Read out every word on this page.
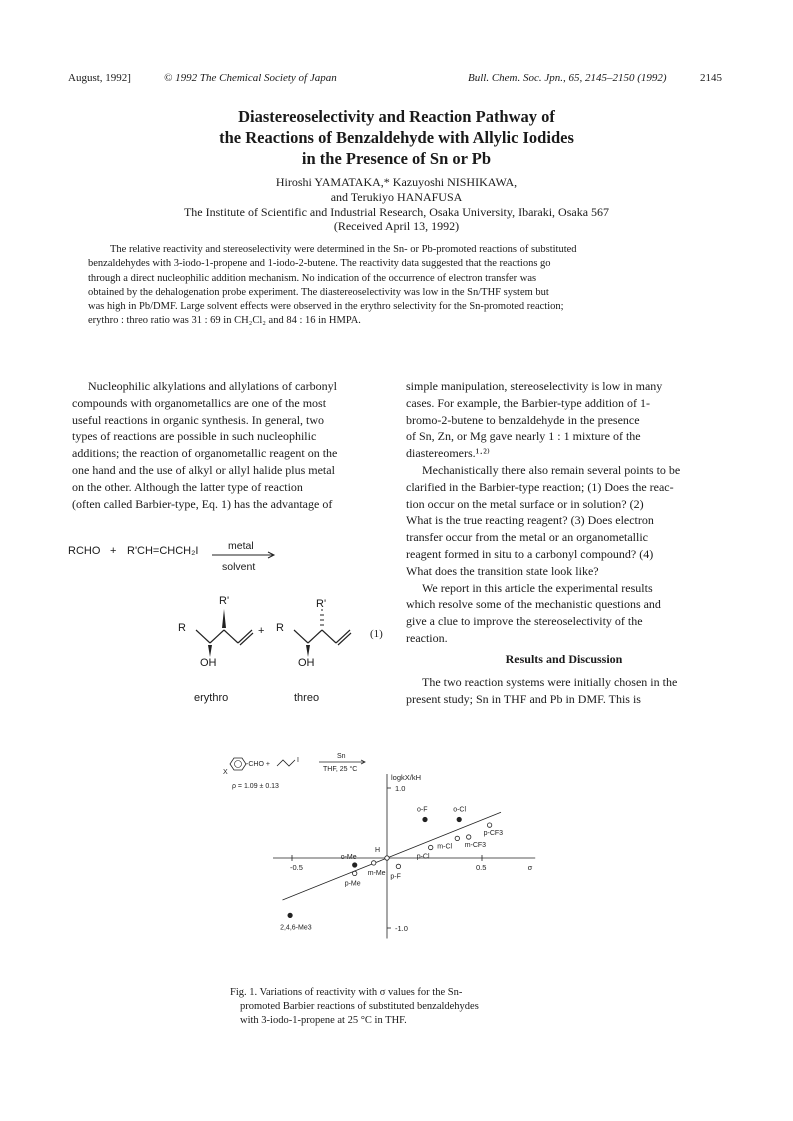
August, 1992]	© 1992 The Chemical Society of Japan	Bull. Chem. Soc. Jpn., 65, 2145–2150 (1992)	2145
Diastereoselectivity and Reaction Pathway of
the Reactions of Benzaldehyde with Allylic Iodides
in the Presence of Sn or Pb
Hiroshi YAMATAKA,* Kazuyoshi NISHIKAWA,
and Terukiyo HANAFUSA
The Institute of Scientific and Industrial Research, Osaka University, Ibaraki, Osaka 567
(Received April 13, 1992)
The relative reactivity and stereoselectivity were determined in the Sn- or Pb-promoted reactions of substituted
benzaldehydes with 3-iodo-1-propene and 1-iodo-2-butene. The reactivity data suggested that the reactions go
through a direct nucleophilic addition mechanism. No indication of the occurrence of electron transfer was
obtained by the dehalogenation probe experiment. The diastereoselectivity was low in the Sn/THF system but
was high in Pb/DMF. Large solvent effects were observed in the erythro selectivity for the Sn-promoted reaction;
erythro : threo ratio was 31 : 69 in CH₂Cl₂ and 84 : 16 in HMPA.
Nucleophilic alkylations and allylations of carbonyl
compounds with organometallics are one of the most
useful reactions in organic synthesis. In general, two
types of reactions are possible in such nucleophilic
additions; the reaction of organometallic reagent on the
one hand and the use of alkyl or allyl halide plus metal
on the other. Although the latter type of reaction
(often called Barbier-type, Eq. 1) has the advantage of
RCHO + R'CH=CHCH₂I	metal
solvent
R'	R'
R	R
+
OH	OH
(1)
erythro	threo
simple manipulation, stereoselectivity is low in many
cases. For example, the Barbier-type addition of 1-
bromo-2-butene to benzaldehyde in the presence
of Sn, Zn, or Mg gave nearly 1 : 1 mixture of the
diastereomers.¹·²⁾
Mechanistically there also remain several points to be
clarified in the Barbier-type reaction; (1) Does the reac-
tion occur on the metal surface or in solution? (2)
What is the true reacting reagent? (3) Does electron
transfer occur from the metal or an organometallic
reagent formed in situ to a carbonyl compound? (4)
What does the transition state look like?
We report in this article the experimental results
which resolve some of the mechanistic questions and
give a clue to improve the stereoselectivity of the
reaction.
Results and Discussion
The two reaction systems were initially chosen in the
present study; Sn in THF and Pb in DMF. This is
X
-CHO +
I
Sn
THF, 25 °C
ρ = 1.09 ± 0.13
-0.5	0.5
1.0
-1.0
logkX/kH
σ
o-F	o-Cl
o-Me
2,4,6-Me3
H
m-Me
p-Me
p-F
p-Cl
m-Cl m-CF3
p-CF3
Fig. 1. Variations of reactivity with σ values for the Sn-
promoted Barbier reactions of substituted benzaldehydes
with 3-iodo-1-propene at 25 °C in THF.
